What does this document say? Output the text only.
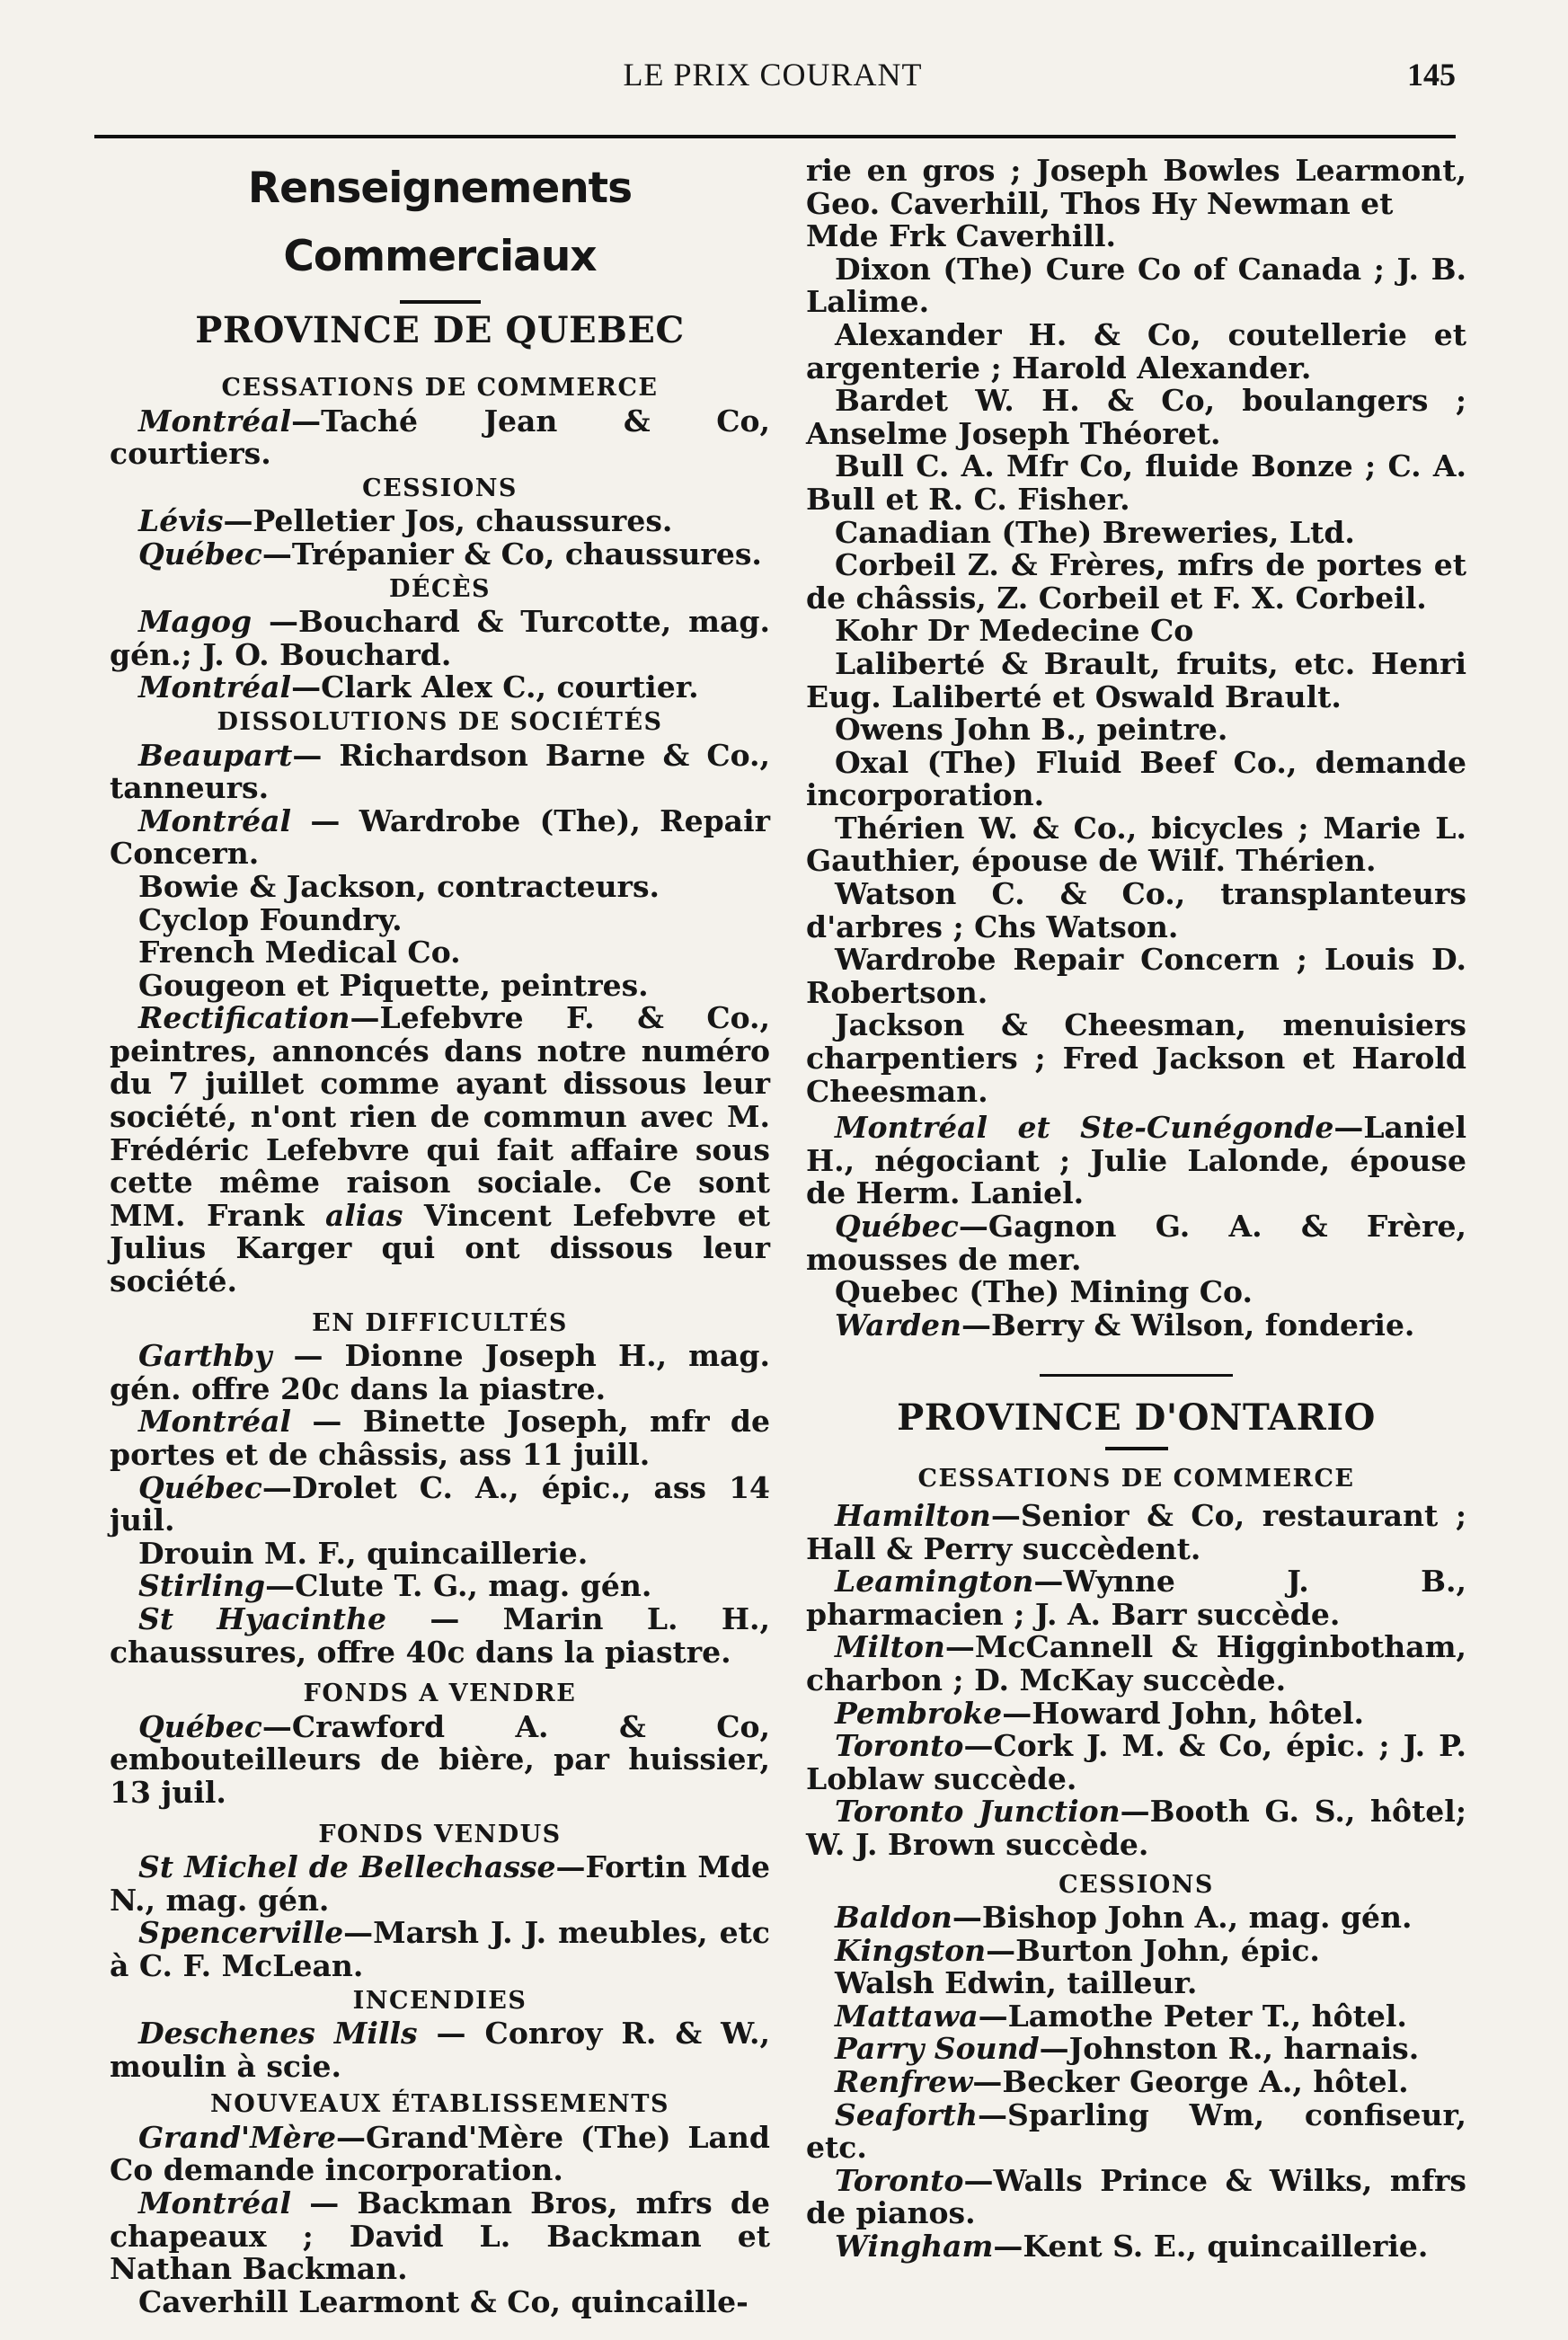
LE PRIX COURANT	145
Renseignements Commerciaux
PROVINCE DE QUEBEC
CESSATIONS DE COMMERCE
Montréal—Taché Jean & Co, courtiers.
CESSIONS
Lévis—Pelletier Jos, chaussures.
Québec—Trépanier & Co, chaussures.
DÉCÈS
Magog —Bouchard & Turcotte, mag. gén.; J. O. Bouchard.
Montréal—Clark Alex C., courtier.
DISSOLUTIONS DE SOCIÉTÉS
Beaupart— Richardson Barne & Co., tanneurs.
Montréal — Wardrobe (The), Repair Concern.
Bowie & Jackson, contracteurs.
Cyclop Foundry.
French Medical Co.
Gougeon et Piquette, peintres.
Rectification—Lefebvre F. & Co., peintres, annoncés dans notre numéro du 7 juillet comme ayant dissous leur société, n'ont rien de commun avec M. Frédéric Lefebvre qui fait affaire sous cette même raison sociale. Ce sont MM. Frank alias Vincent Lefebvre et Julius Karger qui ont dissous leur société.
EN DIFFICULTÉS
Garthby — Dionne Joseph H., mag. gén. offre 20c dans la piastre.
Montréal — Binette Joseph, mfr de portes et de châssis, ass 11 juill.
Québec—Drolet C. A., épic., ass 14 juil.
Drouin M. F., quincaillerie.
Stirling—Clute T. G., mag. gén.
St Hyacinthe — Marin L. H., chaussures, offre 40c dans la piastre.
FONDS A VENDRE
Québec—Crawford A. & Co, embouteilleurs de bière, par huissier, 13 juil.
FONDS VENDUS
St Michel de Bellechasse—Fortin Mde N., mag. gén.
Spencerville—Marsh J. J. meubles, etc à C. F. McLean.
INCENDIES
Deschenes Mills — Conroy R. & W., moulin à scie.
NOUVEAUX ÉTABLISSEMENTS
Grand'Mère—Grand'Mère (The) Land Co demande incorporation.
Montréal — Backman Bros, mfrs de chapeaux ; David L. Backman et Nathan Backman.
Caverhill Learmont & Co, quincaille-
rie en gros ; Joseph Bowles Learmont, Geo. Caverhill, Thos Hy Newman et
Mde Frk Caverhill.
Dixon (The) Cure Co of Canada ; J. B. Lalime.
Alexander H. & Co, coutellerie et argenterie ; Harold Alexander.
Bardet W. H. & Co, boulangers ; Anselme Joseph Théoret.
Bull C. A. Mfr Co, fluide Bonze ; C. A. Bull et R. C. Fisher.
Canadian (The) Breweries, Ltd.
Corbeil Z. & Frères, mfrs de portes et de châssis, Z. Corbeil et F. X. Corbeil.
Kohr Dr Medecine Co
Laliberté & Brault, fruits, etc. Henri Eug. Laliberté et Oswald Brault.
Owens John B., peintre.
Oxal (The) Fluid Beef Co., demande incorporation.
Thérien W. & Co., bicycles ; Marie L. Gauthier, épouse de Wilf. Thérien.
Watson C. & Co., transplanteurs d'arbres ; Chs Watson.
Wardrobe Repair Concern ; Louis D. Robertson.
Jackson & Cheesman, menuisiers charpentiers ; Fred Jackson et Harold Cheesman.
Montréal et Ste-Cunégonde—Laniel H., négociant ; Julie Lalonde, épouse de Herm. Laniel.
Québec—Gagnon G. A. & Frère, mousses de mer.
Quebec (The) Mining Co.
Warden—Berry & Wilson, fonderie.
PROVINCE D'ONTARIO
CESSATIONS DE COMMERCE
Hamilton—Senior & Co, restaurant ; Hall & Perry succèdent.
Leamington—Wynne J. B., pharmacien ; J. A. Barr succède.
Milton—McCannell & Higginbotham, charbon ; D. McKay succède.
Pembroke—Howard John, hôtel.
Toronto—Cork J. M. & Co, épic. ; J. P. Loblaw succède.
Toronto Junction—Booth G. S., hôtel; W. J. Brown succède.
CESSIONS
Baldon—Bishop John A., mag. gén.
Kingston—Burton John, épic.
Walsh Edwin, tailleur.
Mattawa—Lamothe Peter T., hôtel.
Parry Sound—Johnston R., harnais.
Renfrew—Becker George A., hôtel.
Seaforth—Sparling Wm, confiseur, etc.
Toronto—Walls Prince & Wilks, mfrs de pianos.
Wingham—Kent S. E., quincaillerie.
